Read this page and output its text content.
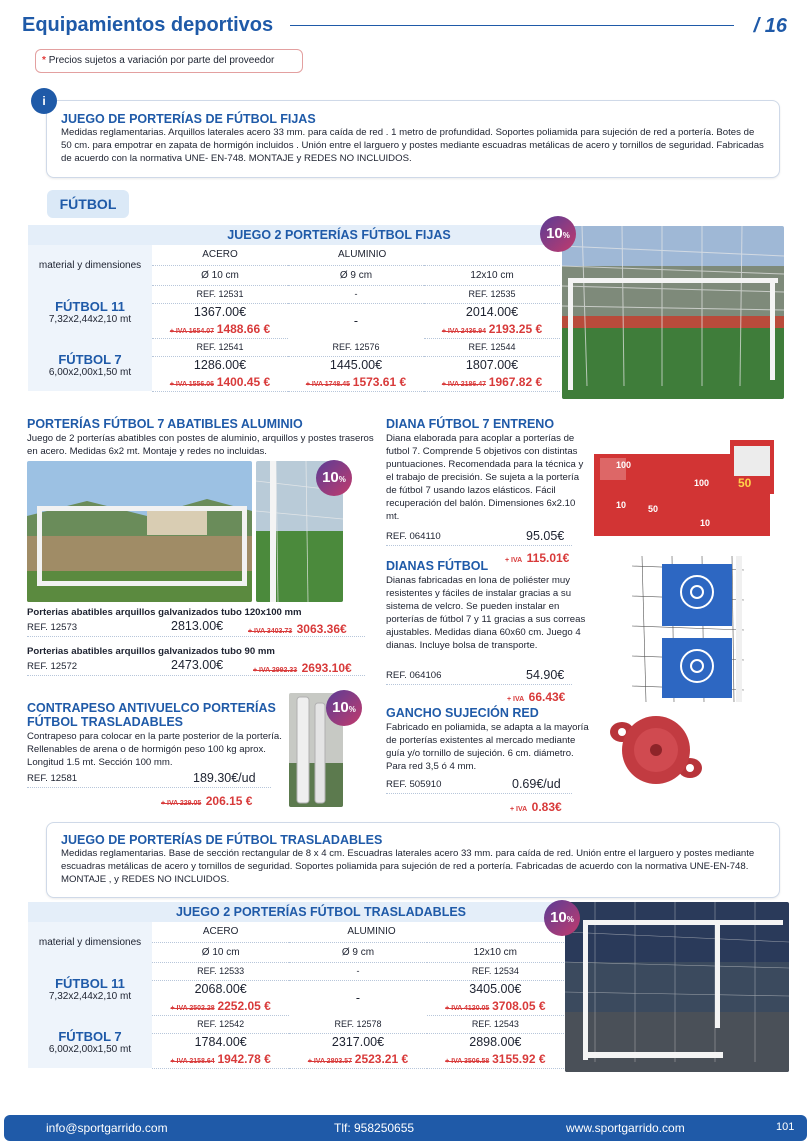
Equipamientos deportivos	/ 16
* Precios sujetos a variación por parte del proveedor
JUEGO DE PORTERÍAS DE FÚTBOL FIJAS
Medidas reglamentarias. Arquillos laterales acero 33 mm. para caída de red . 1 metro de profundidad. Soportes poliamida para sujeción de red a portería. Botes de 50 cm. para empotrar en zapata de hormigón incluidos . Unión entre el larguero y postes mediante escuadras metálicas de acero y tornillos de seguridad. Fabricadas de acuerdo con la normativa UNE- EN-748. MONTAJE y REDES NO INCLUIDOS.
i
FÚTBOL
JUEGO 2 PORTERÍAS FÚTBOL FIJAS			
material y dimensiones	ACERO	ALUMINIO	
	Ø 10 cm	Ø 9 cm	12x10 cm

FÚTBOL 11
7,32x2,44x2,10 mt	REF. 12531	-	REF. 12535
	1367.00€	-	2014.00€
	+ IVA 1654.07 1488.66 €		+ IVA 2436.94 2193.25 €

FÚTBOL 7
6,00x2,00x1,50 mt	REF. 12541	REF. 12576	REF. 12544
	1286.00€	1445.00€	1807.00€
	+ IVA 1556.06 1400.45 €	+ IVA 1748.45 1573.61 €	+ IVA 2186.47 1967.82 €
10%
PORTERÍAS FÚTBOL 7 ABATIBLES ALUMINIO
Juego de 2 porterías abatibles con postes de aluminio, arquillos y postes traseros en acero. Medidas 6x2 mt. Montaje y redes no incluidas.
10%
Porterias abatibles arquillos galvanizados tubo 120x100 mm
REF. 12573	2813.00€	+ IVA 3403.73 3063.36€
Porterias abatibles arquillos galvanizados tubo 90 mm
REF. 12572	2473.00€	+ IVA 2992.33 2693.10€
CONTRAPESO ANTIVUELCO PORTERÍAS
FÚTBOL TRASLADABLES
Contrapeso para colocar en la parte posterior de la portería. Rellenables de arena o de hormigón peso 100 kg aprox. Longitud 1.5 mt. Sección 100 mm.
REF. 12581	189.30€/ud
+ IVA 229.05 206.15 €
10%
DIANA FÚTBOL 7 ENTRENO
Diana elaborada para acoplar a porterías de futbol 7. Comprende 5 objetivos con distintas puntuaciones. Recomendada para la técnica y el trabajo de precisión. Se sujeta a la portería de fútbol 7 usando lazos elásticos. Fácil recuperación del balón. Dimensiones 6x2.10 mt.
REF. 064110	95.05€
+ IVA 115.01€
100
100 50
10 50
10
DIANAS FÚTBOL
Dianas fabricadas en lona de poliéster muy resistentes y fáciles de instalar gracias a su sistema de velcro. Se pueden instalar en porterías de fútbol 7 y 11 gracias a sus correas ajustables. Medidas diana 60x60 cm. Juego 4 dianas. Incluye bolsa de transporte.
REF. 064106	54.90€
+ IVA 66.43€
GANCHO SUJECIÓN RED
Fabricado en poliamida, se adapta a la mayoría de porterías existentes al mercado mediante guía y/o tornillo de sujeción. 6 cm. diámetro. Para red 3,5 ó 4 mm.
REF. 505910	0.69€/ud
+ IVA 0.83€
JUEGO DE PORTERÍAS DE FÚTBOL TRASLADABLES
Medidas reglamentarias. Base de sección rectangular de 8 x 4 cm. Escuadras laterales acero 33 mm. para caída de red. Unión entre el larguero y postes mediante escuadras metálicas de acero y tornillos de seguridad. Soportes poliamida para sujeción de red a portería. Fabricadas de acuerdo con la normativa UNE-EN-748. MONTAJE , y REDES NO INCLUIDOS.
JUEGO 2 PORTERÍAS FÚTBOL TRASLADABLES			
material y dimensiones	ACERO	ALUMINIO	
	Ø 10 cm	Ø 9 cm	12x10 cm

FÚTBOL 11
7,32x2,44x2,10 mt	REF. 12533	-	REF. 12534
	2068.00€	-	3405.00€
	+ IVA 2502.28 2252.05 €		+ IVA 4120.05 3708.05 €

FÚTBOL 7
6,00x2,00x1,50 mt	REF. 12542	REF. 12578	REF. 12543
	1784.00€	2317.00€	2898.00€
	+ IVA 2158.64 1942.78 €	+ IVA 2803.57 2523.21 €	+ IVA 3506.58 3155.92 €
10%
info@sportgarrido.com	Tlf: 958250655	www.sportgarrido.com	101
